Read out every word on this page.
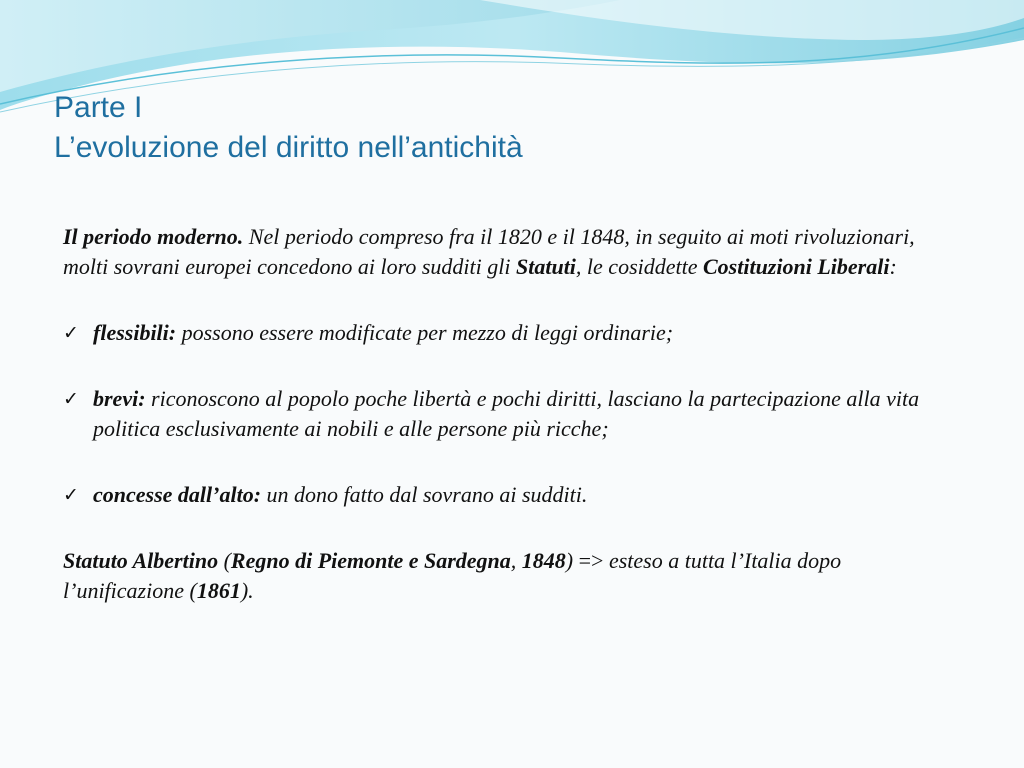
Parte I
L’evoluzione del diritto nell’antichità

Il periodo moderno. Nel periodo compreso fra il 1820 e il 1848, in seguito ai moti rivoluzionari, molti sovrani europei concedono ai loro sudditi gli Statuti, le cosiddette Costituzioni Liberali:

✓ flessibili: possono essere modificate per mezzo di leggi ordinarie;

✓ brevi: riconoscono al popolo poche libertà e pochi diritti, lasciano la partecipazione alla vita politica esclusivamente ai nobili e alle persone più ricche;

✓ concesse dall’alto: un dono fatto dal sovrano ai sudditi.

Statuto Albertino (Regno di Piemonte e Sardegna, 1848) => esteso a tutta l’Italia dopo l’unificazione (1861).
